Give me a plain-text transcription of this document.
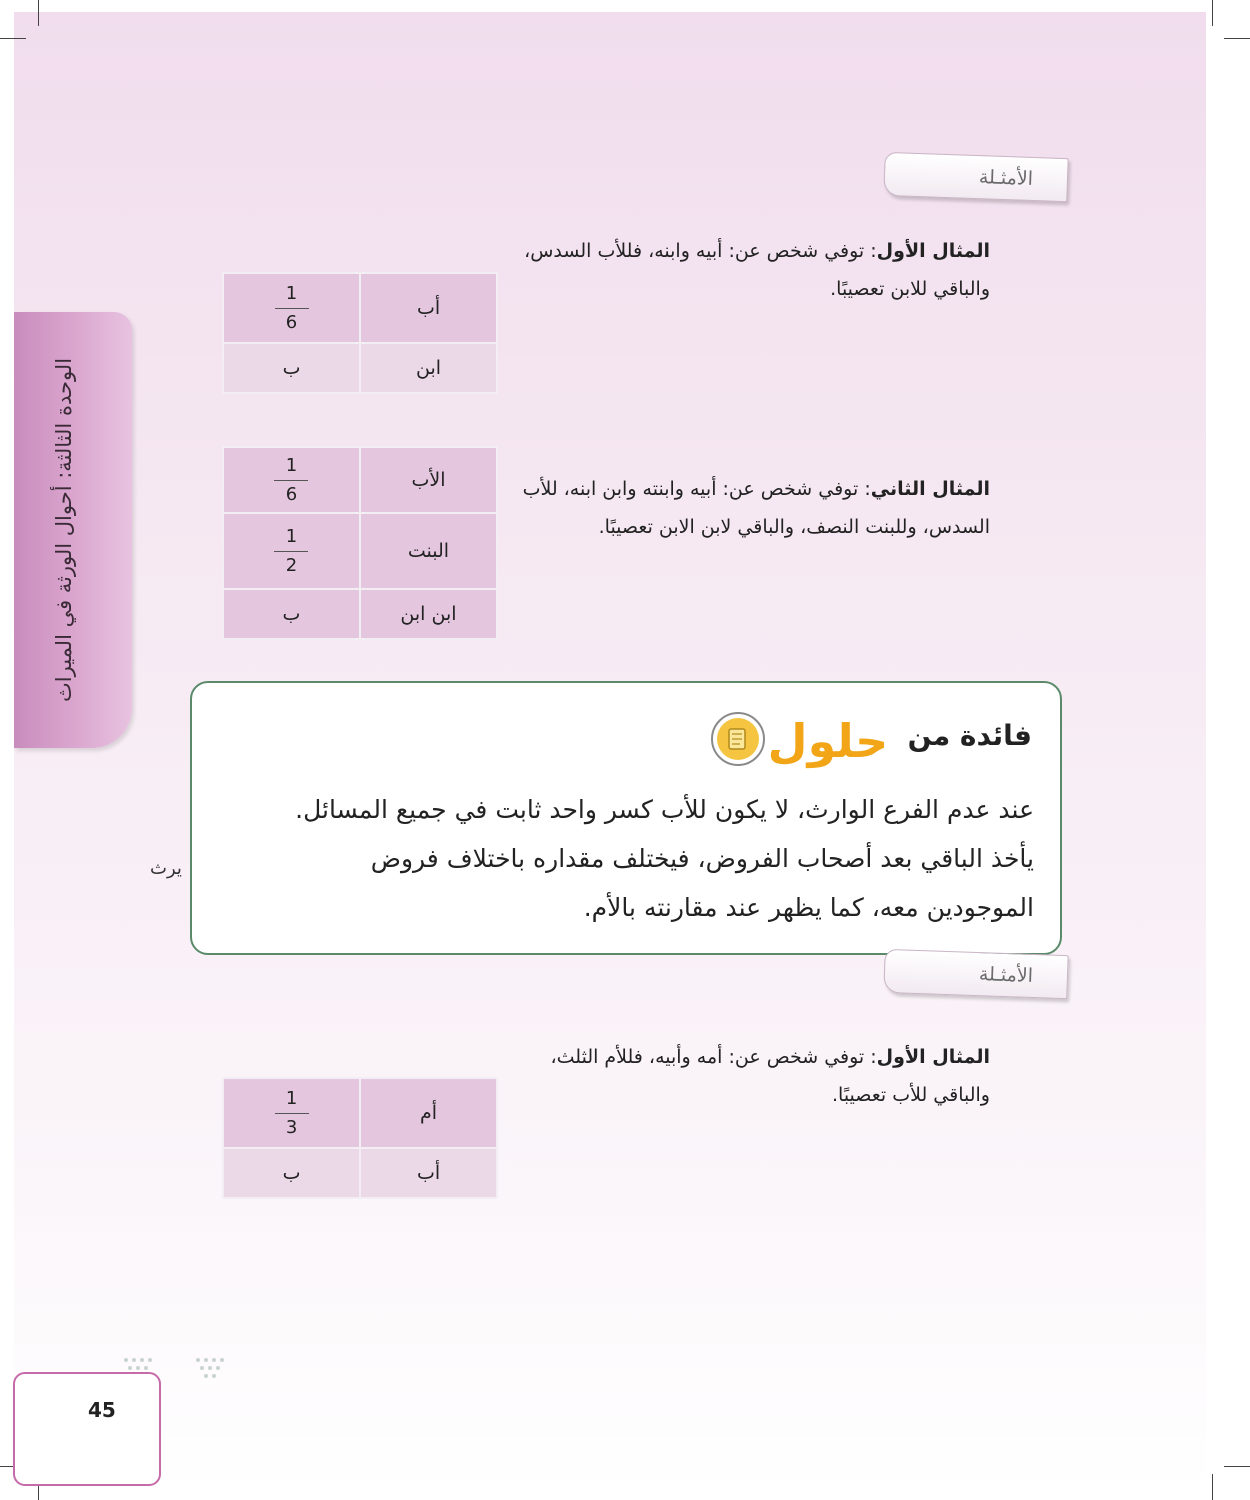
الوحدة الثالثة: أحوال الورثة في الميراث
الأمثـلة
المثال الأول: توفي شخص عن: أبيه وابنه، فللأب السدس، والباقي للابن تعصيبًا.
أب	$\frac{1}{6}$

ابن	ب
المثال الثاني: توفي شخص عن: أبيه وابنته وابن ابنه، للأب السدس، وللبنت النصف، والباقي لابن الابن تعصيبًا.
الأب	$\frac{1}{6}$

البنت	$\frac{1}{2}$

ابن ابن	ب
يرث
فائدة من
حلول
عند عدم الفرع الوارث، لا يكون للأب كسر واحد ثابت في جميع المسائل.
يأخذ الباقي بعد أصحاب الفروض، فيختلف مقداره باختلاف فروض
الموجودين معه، كما يظهر عند مقارنته بالأم.
الأمثـلة
المثال الأول: توفي شخص عن: أمه وأبيه، فللأم الثلث، والباقي للأب تعصيبًا.
أم	$\frac{1}{3}$

أب	ب
45
